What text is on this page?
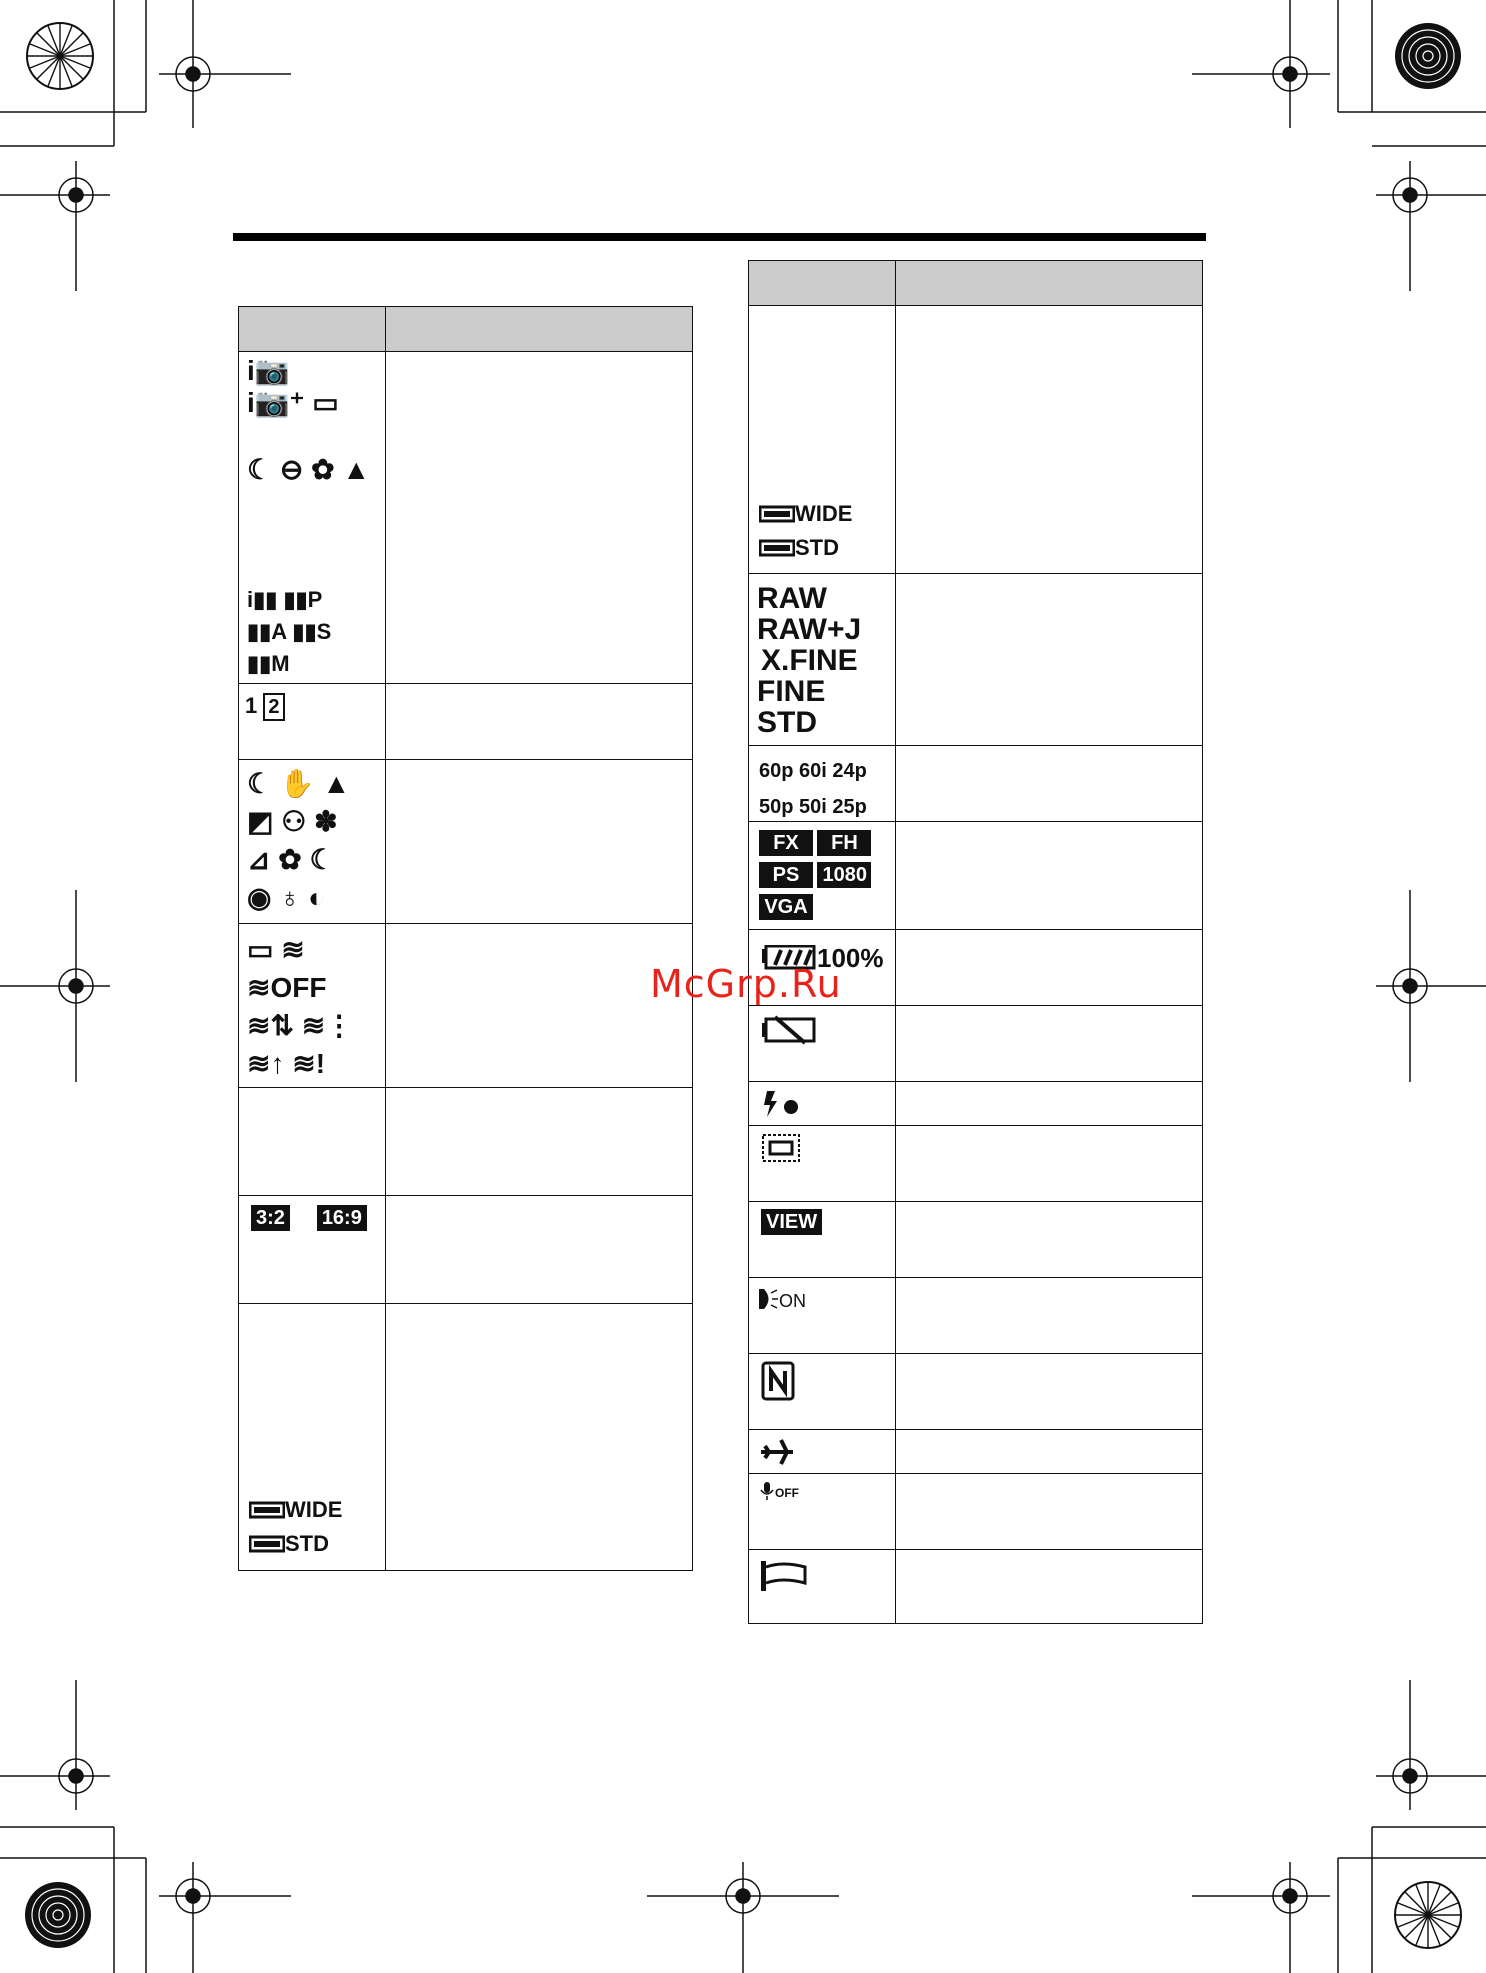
i📷
i📷⁺ ▭
☾ ⊖ ✿ ▲
i▮▮ ▮▮P
▮▮A ▮▮S
▮▮M
1 2
☾ ✋ ▲
◩ ⚇ ✽
⊿ ✿ ☾
◉ ♁ ◐
▭ ≋
≋OFF
≋⇅ ≋⋮
≋↑ ≋!
3:2 16:9
WIDE
STD
WIDE
STD
RAW
RAW+J
X.FINE
FINE
STD
60p 60i 24p
50p 50i 25p
FX FH
PS 1080
VGA
100%
VIEW
ON
OFF
McGrp.Ru
